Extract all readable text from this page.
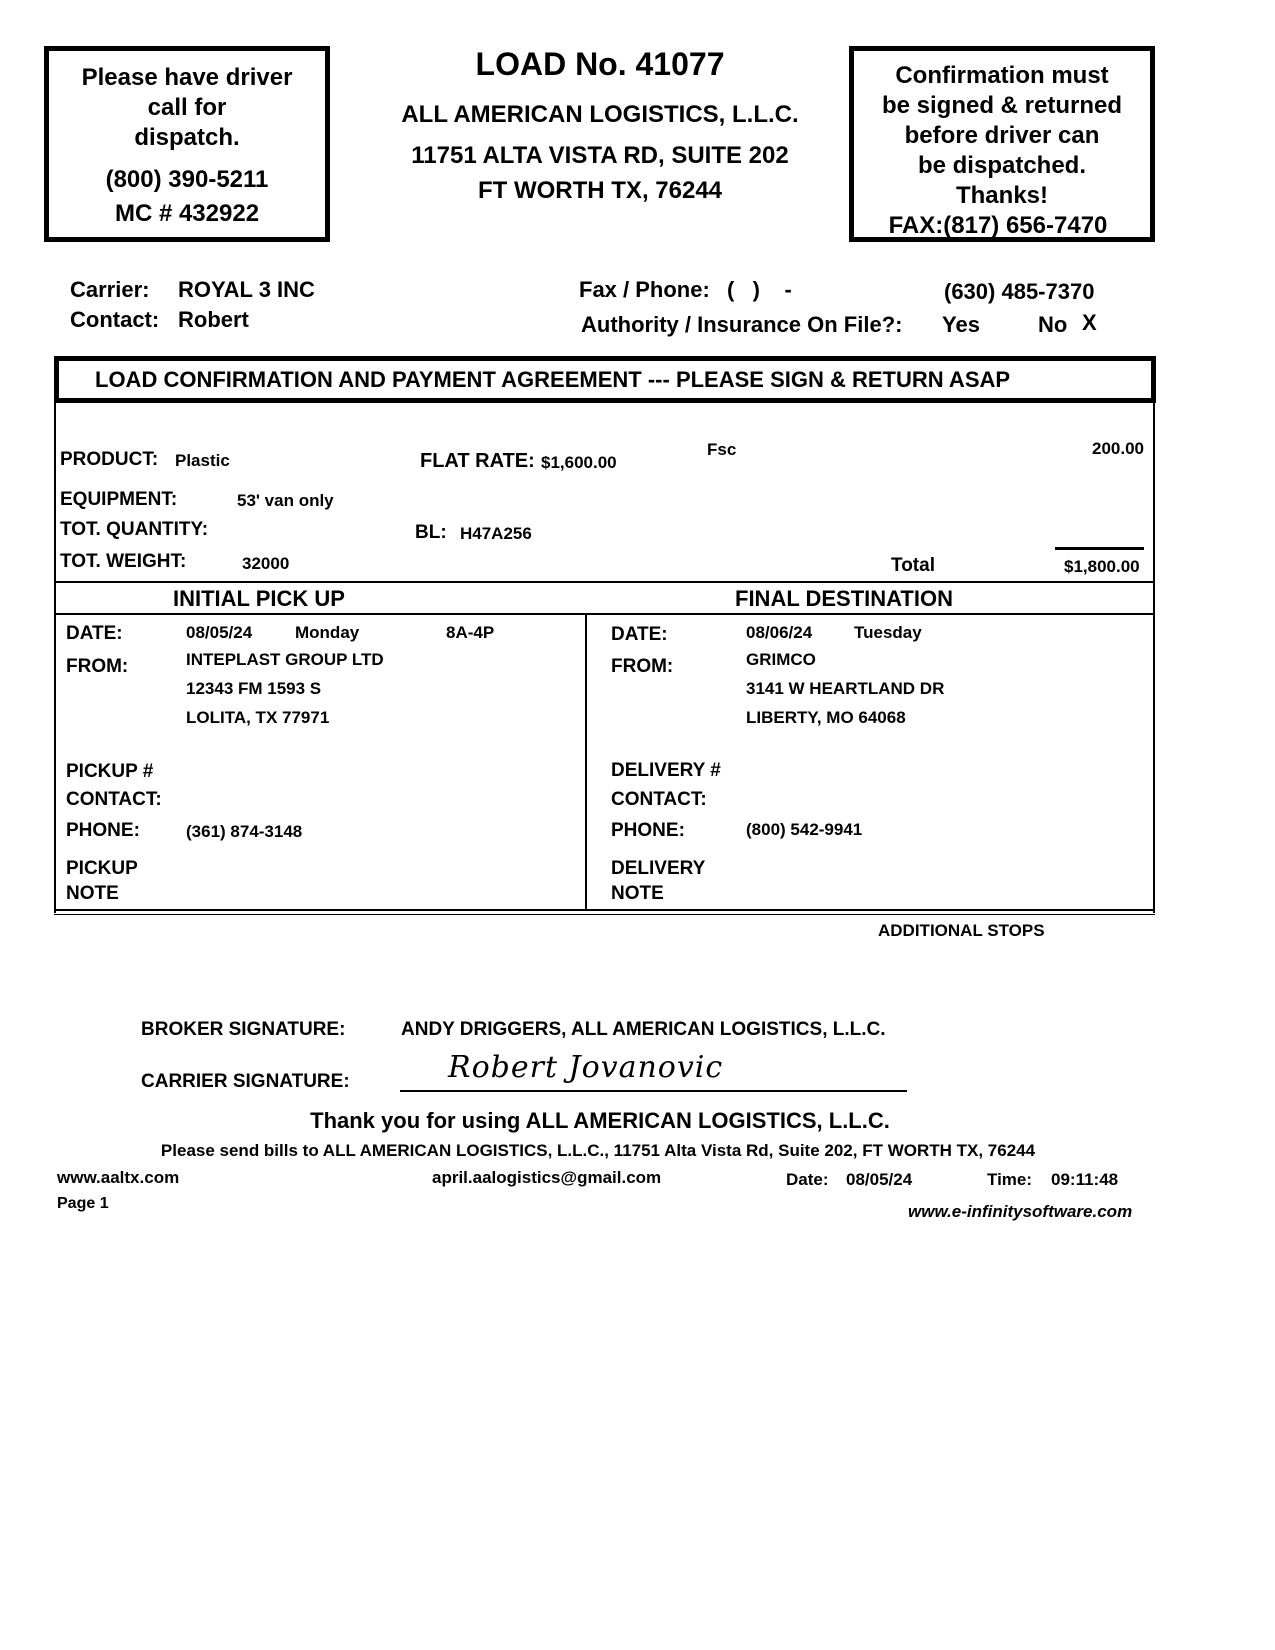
Please have driver
call for
dispatch.
(800) 390-5211
MC # 432922
LOAD No. 41077
ALL AMERICAN LOGISTICS, L.L.C.
11751 ALTA VISTA RD, SUITE 202
FT WORTH TX, 76244
Confirmation must
be signed & returned
before driver can
be dispatched.
Thanks!
FAX:(817) 656-7470
Carrier: ROYAL 3 INC
Contact: Robert
Fax / Phone: (   )    -	(630) 485-7370
Authority / Insurance On File?: Yes	No X
LOAD CONFIRMATION AND PAYMENT AGREEMENT --- PLEASE SIGN & RETURN ASAP
PRODUCT: Plastic	FLAT RATE: $1,600.00
Fsc	200.00
EQUIPMENT:	53' van only
TOT. QUANTITY:	BL: H47A256
TOT. WEIGHT:	32000	Total	$1,800.00
INITIAL PICK UP	FINAL DESTINATION
DATE:	08/05/24	Monday	8A-4P
FROM:	INTEPLAST GROUP LTD
12343 FM 1593 S
LOLITA, TX 77971
PICKUP #
CONTACT:
PHONE:	(361) 874-3148
PICKUP
NOTE
DATE:	08/06/24 Tuesday
FROM:	GRIMCO
3141 W HEARTLAND DR
LIBERTY, MO 64068
DELIVERY #
CONTACT:
PHONE:	(800) 542-9941
DELIVERY
NOTE
ADDITIONAL STOPS
BROKER SIGNATURE:	ANDY DRIGGERS, ALL AMERICAN LOGISTICS, L.L.C.
CARRIER SIGNATURE:	Robert Jovanovic
Thank you for using ALL AMERICAN LOGISTICS, L.L.C.
Please send bills to ALL AMERICAN LOGISTICS, L.L.C., 11751 Alta Vista Rd, Suite 202, FT WORTH TX, 76244
www.aaltx.com	april.aalogistics@gmail.com	Date: 08/05/24	Time: 09:11:48
Page 1	www.e-infinitysoftware.com
